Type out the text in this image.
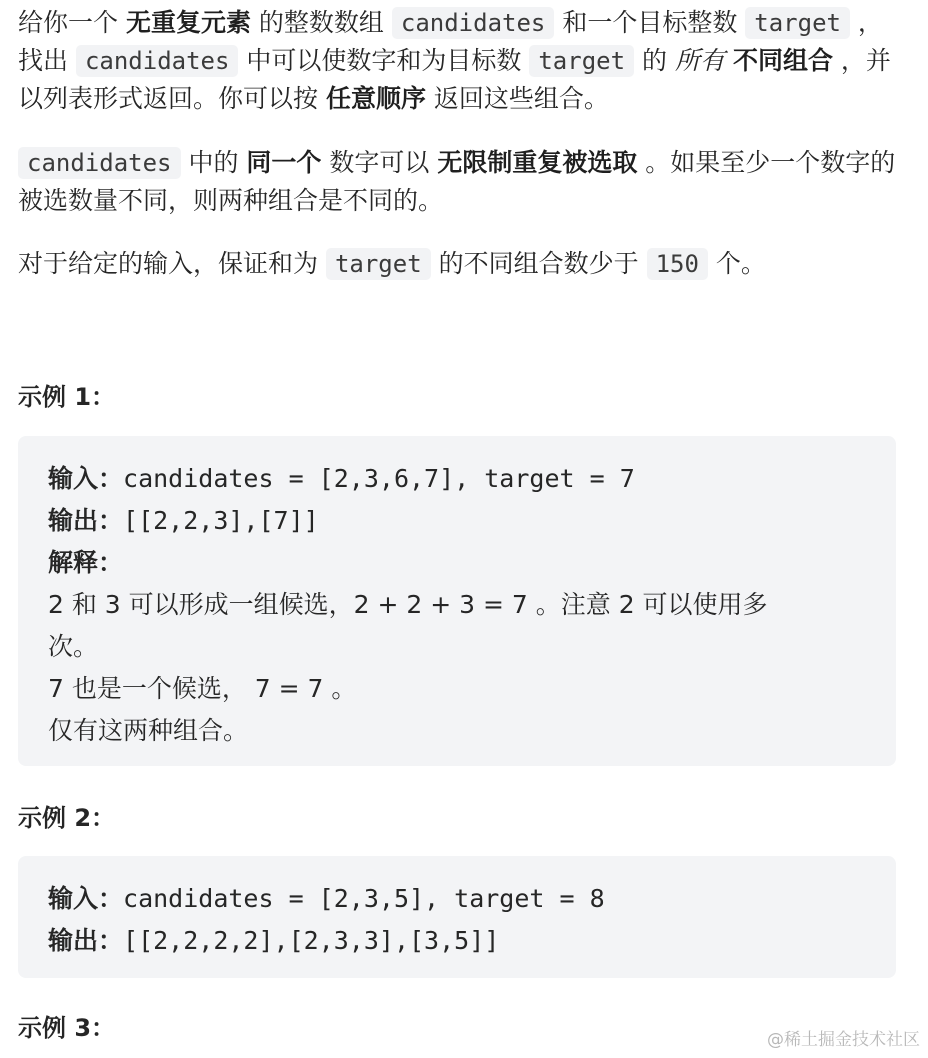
给你一个 无重复元素 的整数数组 candidates 和一个目标整数 target ，找出 candidates 中可以使数字和为目标数 target 的 所有 不同组合 ，并以列表形式返回。你可以按 任意顺序 返回这些组合。
candidates 中的 同一个 数字可以 无限制重复被选取 。如果至少一个数字的被选数量不同，则两种组合是不同的。
对于给定的输入，保证和为 target 的不同组合数少于 150 个。
示例 1：
输入：candidates = [2,3,6,7], target = 7
输出：[[2,2,3],[7]]
解释：
2 和 3 可以形成一组候选，2 + 2 + 3 = 7 。注意 2 可以使用多
次。
7 也是一个候选， 7 = 7 。
仅有这两种组合。
示例 2：
输入：candidates = [2,3,5], target = 8
输出：[[2,2,2,2],[2,3,3],[3,5]]
示例 3：	@稀土掘金技术社区
